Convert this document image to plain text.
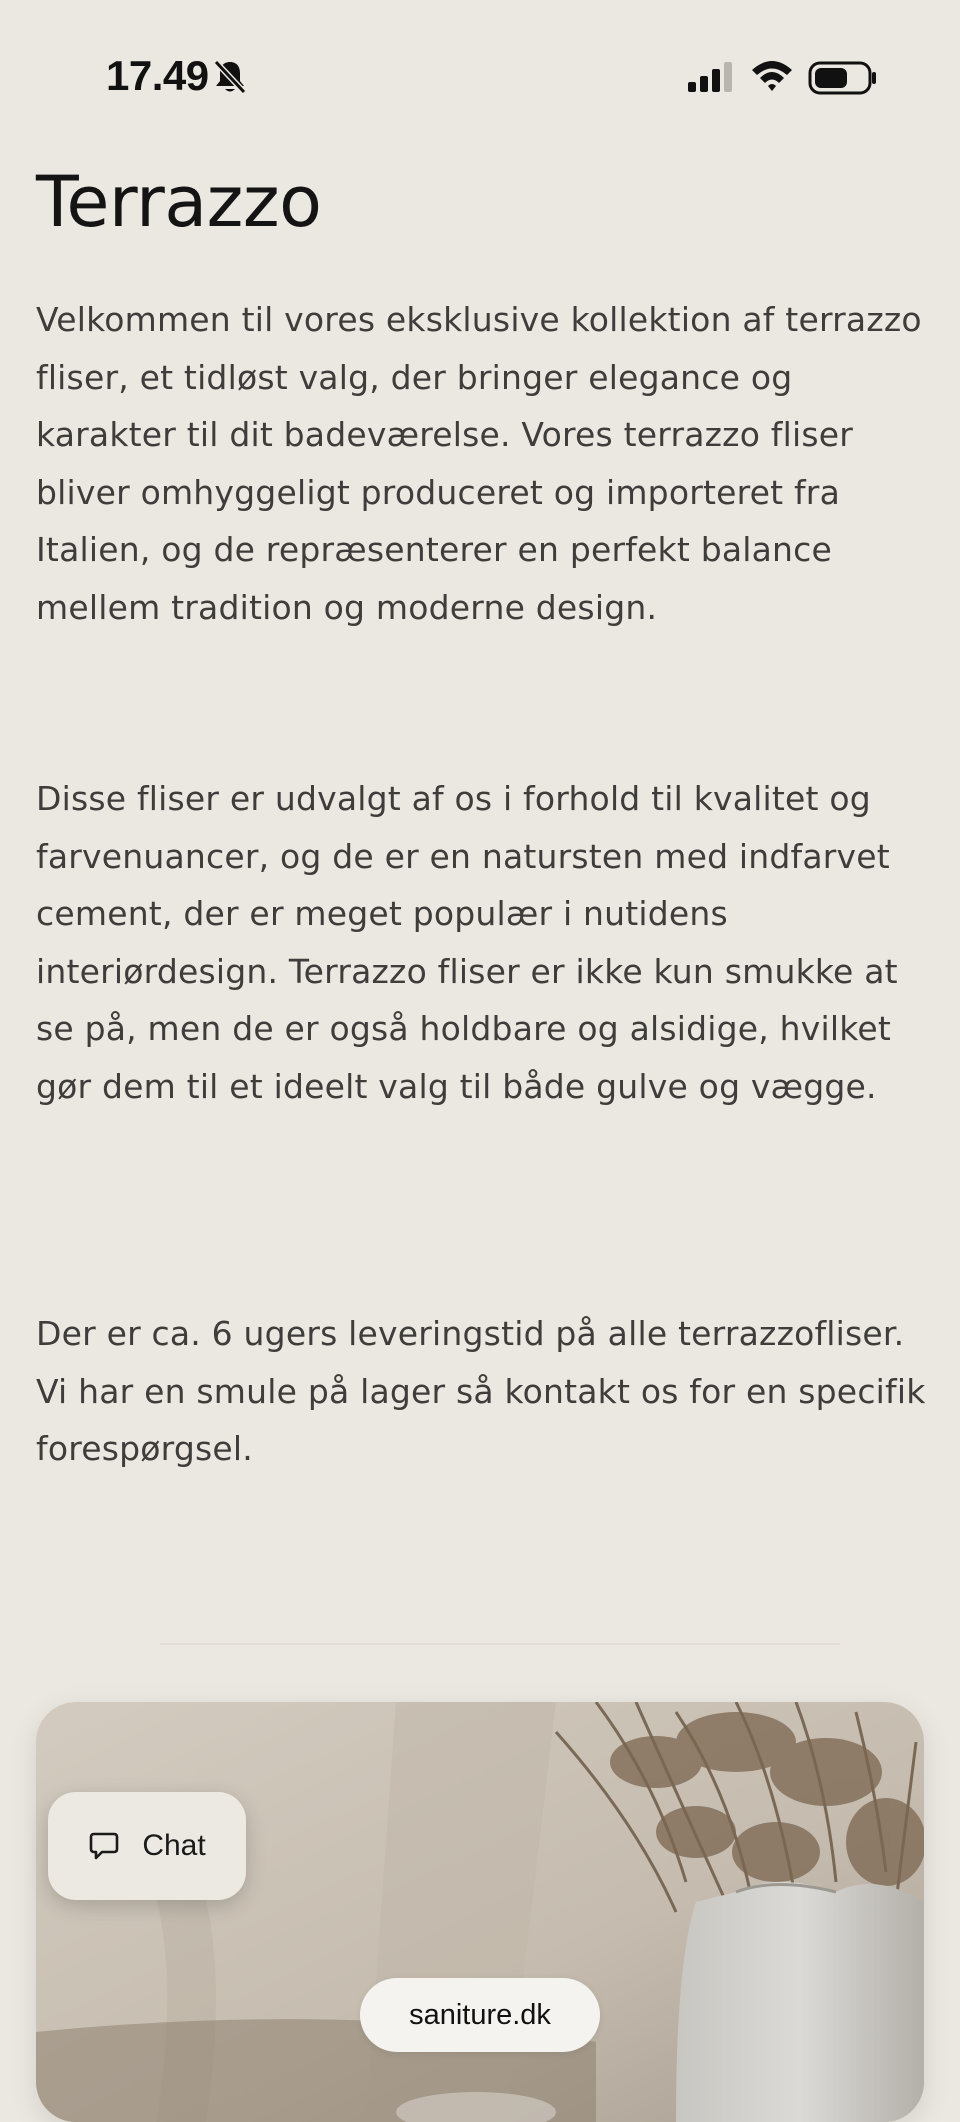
17.49
Terrazzo

Velkommen til vores eksklusive kollektion af terrazzo fliser, et tidløst valg, der bringer elegance og karakter til dit badeværelse. Vores terrazzo fliser bliver omhyggeligt produceret og importeret fra Italien, og de repræsenterer en perfekt balance mellem tradition og moderne design.

Disse fliser er udvalgt af os i forhold til kvalitet og farvenuancer, og de er en natursten med indfarvet cement, der er meget populær i nutidens interiørdesign. Terrazzo fliser er ikke kun smukke at se på, men de er også holdbare og alsidige, hvilket gør dem til et ideelt valg til både gulve og vægge.

Der er ca. 6 ugers leveringstid på alle terrazzofliser. Vi har en smule på lager så kontakt os for en specifik forespørgsel.

Chat
saniture.dk
